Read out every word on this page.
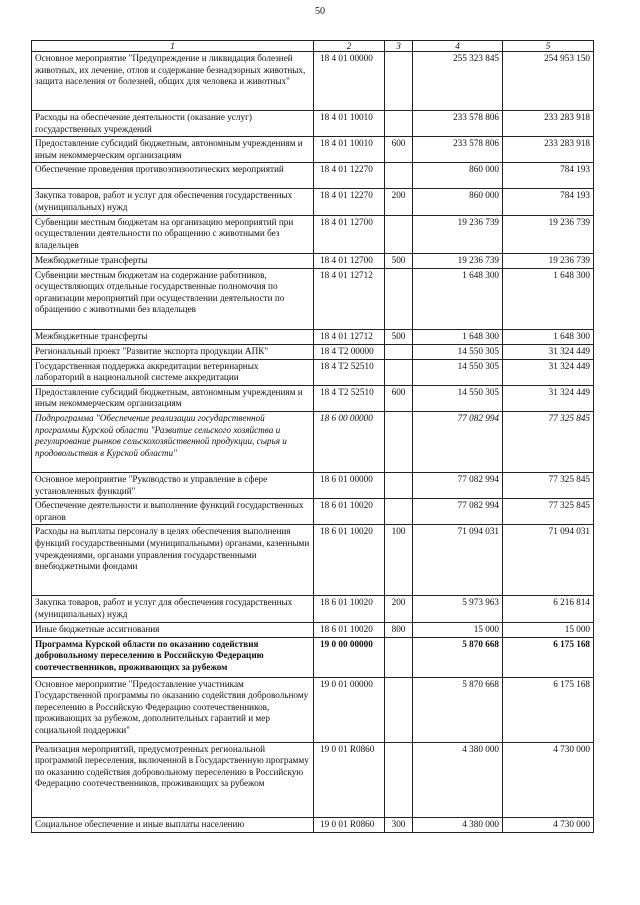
50
1	2	3	4	5
Основное мероприятие "Предупреждение и ликвидация болезней животных, их лечение, отлов и содержание безнадзорных животных, защита населения от болезней, общих для человека и животных"	18 4 01 00000		255 323 845	254 953 150
Расходы на обеспечение деятельности (оказание услуг) государственных учреждений	18 4 01 10010		233 578 806	233 283 918
Предоставление субсидий бюджетным, автономным учреждениям и иным некоммерческим организациям	18 4 01 10010	600	233 578 806	233 283 918
Обеспечение проведения противоэпизоотических мероприятий	18 4 01 12270		860 000	784 193
Закупка товаров, работ и услуг для обеспечения государственных (муниципальных) нужд	18 4 01 12270	200	860 000	784 193
Субвенции местным бюджетам на организацию мероприятий при осуществлении деятельности по обращению с животными без владельцев	18 4 01 12700		19 236 739	19 236 739
Межбюджетные трансферты	18 4 01 12700	500	19 236 739	19 236 739
Субвенции местным бюджетам на содержание работников, осуществляющих отдельные государственные полномочия по организации мероприятий при осуществлении деятельности по обращению с животными без владельцев	18 4 01 12712		1 648 300	1 648 300
Межбюджетные трансферты	18 4 01 12712	500	1 648 300	1 648 300
Региональный проект "Развитие экспорта продукции АПК"	18 4 T2 00000		14 550 305	31 324 449
Государственная поддержка аккредитации ветеринарных лабораторий в национальной системе аккредитации	18 4 T2 52510		14 550 305	31 324 449
Предоставление субсидий бюджетным, автономным учреждениям и иным некоммерческим организациям	18 4 T2 52510	600	14 550 305	31 324 449
Подпрограмма "Обеспечение реализации государственной программы Курской области "Развитие сельского хозяйства и регулирование рынков сельскохозяйственной продукции, сырья и продовольствия в Курской области"	18 6 00 00000		77 082 994	77 325 845
Основное мероприятие "Руководство и управление в сфере установленных функций"	18 6 01 00000		77 082 994	77 325 845
Обеспечение деятельности и выполнение функций государственных органов	18 6 01 10020		77 082 994	77 325 845
Расходы на выплаты персоналу в целях обеспечения выполнения функций государственными (муниципальными) органами, казенными учреждениями, органами управления государственными внебюджетными фондами	18 6 01 10020	100	71 094 031	71 094 031
Закупка товаров, работ и услуг для обеспечения государственных (муниципальных) нужд	18 6 01 10020	200	5 973 963	6 216 814
Иные бюджетные ассигнования	18 6 01 10020	800	15 000	15 000
Программа Курской области по оказанию содействия добровольному переселению в Российскую Федерацию соотечественников, проживающих за рубежом	19 0 00 00000		5 870 668	6 175 168
Основное мероприятие "Предоставление участникам Государственной программы по оказанию содействия добровольному переселению в Российскую Федерацию соотечественников, проживающих за рубежом, дополнительных гарантий и мер социальной поддержки"	19 0 01 00000		5 870 668	6 175 168
Реализация мероприятий, предусмотренных региональной программой переселения, включенной в Государственную программу по оказанию содействия добровольному переселению в Российскую Федерацию соотечественников, проживающих за рубежом	19 0 01 R0860		4 380 000	4 730 000
Социальное обеспечение и иные выплаты населению	19 0 01 R0860	300	4 380 000	4 730 000
